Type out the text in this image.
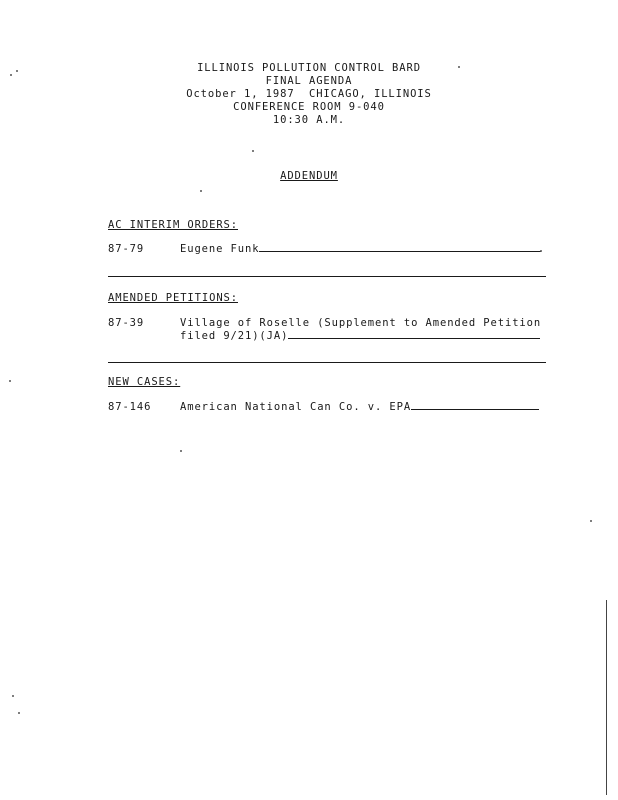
ILLINOIS POLLUTION CONTROL BARD
FINAL AGENDA
October 1, 1987  CHICAGO, ILLINOIS
CONFERENCE ROOM 9-040
10:30 A.M.
ADDENDUM
AC INTERIM ORDERS:
87-79	Eugene Funk
AMENDED PETITIONS:
87-39	Village of Roselle (Supplement to Amended Petition
filed 9/21)(JA)
NEW CASES:
87-146	American National Can Co. v. EPA
